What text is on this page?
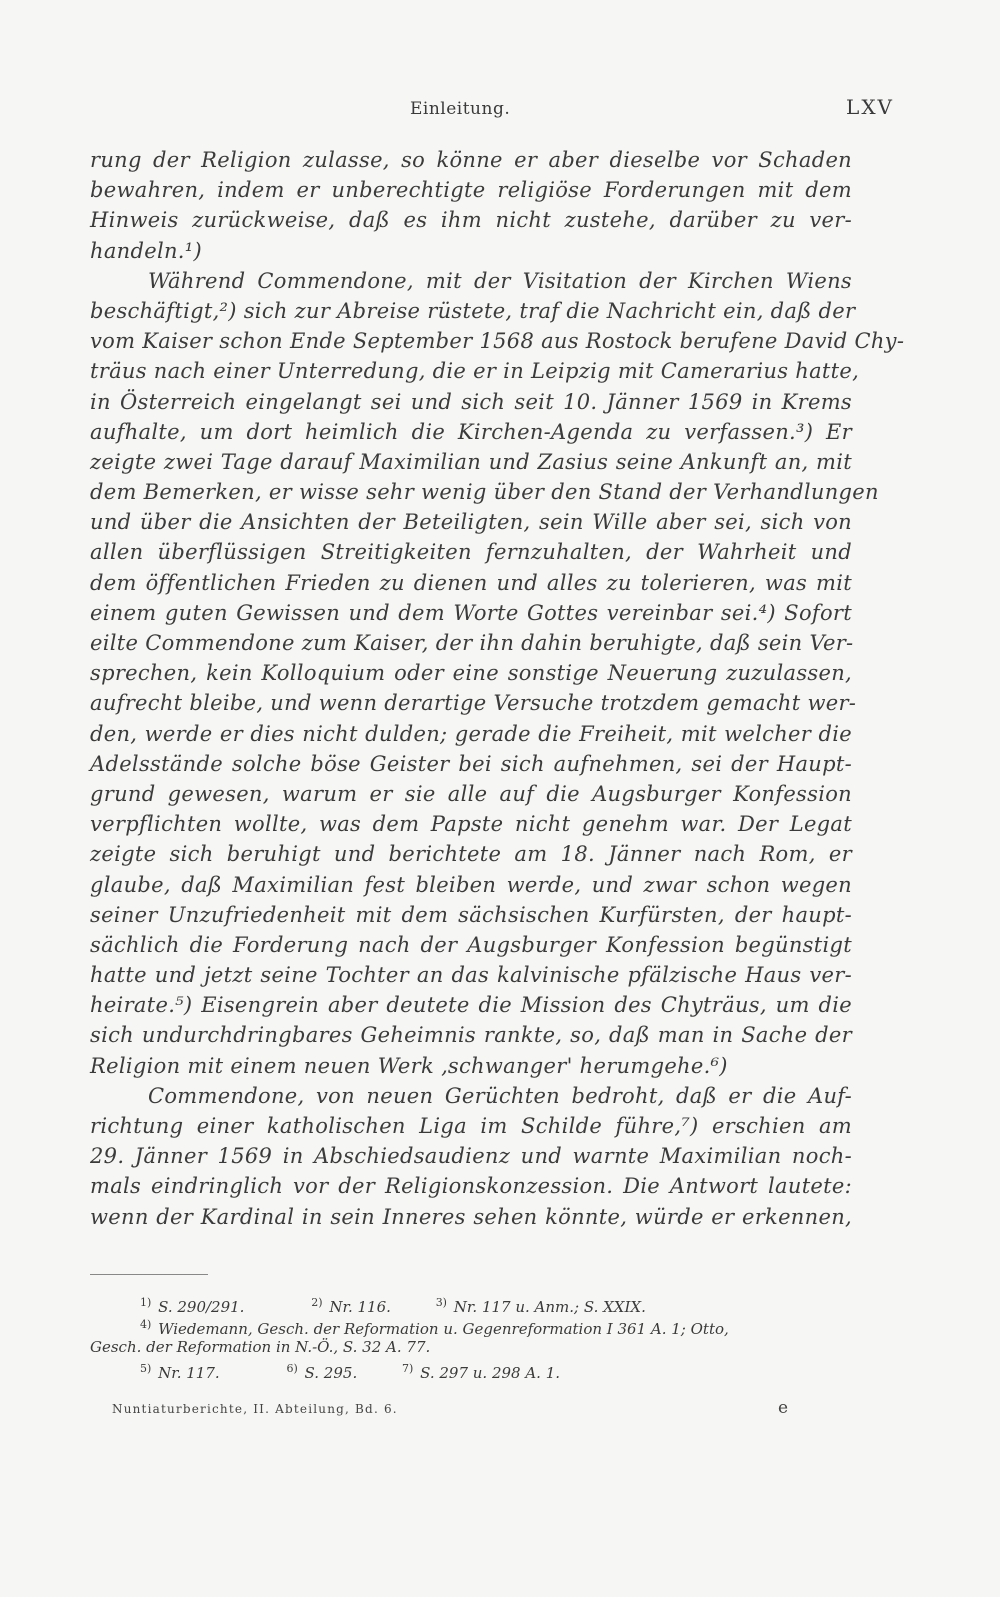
Einleitung.	LXV
rung der Religion zulasse, so könne er aber dieselbe vor Schaden
bewahren, indem er unberechtigte religiöse Forderungen mit dem
Hinweis zurückweise, daß es ihm nicht zustehe, darüber zu ver-
handeln.¹)
Während Commendone, mit der Visitation der Kirchen Wiens
beschäftigt,²) sich zur Abreise rüstete, traf die Nachricht ein, daß der
vom Kaiser schon Ende September 1568 aus Rostock berufene David Chy-
träus nach einer Unterredung, die er in Leipzig mit Camerarius hatte,
in Österreich eingelangt sei und sich seit 10. Jänner 1569 in Krems
aufhalte, um dort heimlich die Kirchen-Agenda zu verfassen.³) Er
zeigte zwei Tage darauf Maximilian und Zasius seine Ankunft an, mit
dem Bemerken, er wisse sehr wenig über den Stand der Verhandlungen
und über die Ansichten der Beteiligten, sein Wille aber sei, sich von
allen überflüssigen Streitigkeiten fernzuhalten, der Wahrheit und
dem öffentlichen Frieden zu dienen und alles zu tolerieren, was mit
einem guten Gewissen und dem Worte Gottes vereinbar sei.⁴) Sofort
eilte Commendone zum Kaiser, der ihn dahin beruhigte, daß sein Ver-
sprechen, kein Kolloquium oder eine sonstige Neuerung zuzulassen,
aufrecht bleibe, und wenn derartige Versuche trotzdem gemacht wer-
den, werde er dies nicht dulden; gerade die Freiheit, mit welcher die
Adelsstände solche böse Geister bei sich aufnehmen, sei der Haupt-
grund gewesen, warum er sie alle auf die Augsburger Konfession
verpflichten wollte, was dem Papste nicht genehm war. Der Legat
zeigte sich beruhigt und berichtete am 18. Jänner nach Rom, er
glaube, daß Maximilian fest bleiben werde, und zwar schon wegen
seiner Unzufriedenheit mit dem sächsischen Kurfürsten, der haupt-
sächlich die Forderung nach der Augsburger Konfession begünstigt
hatte und jetzt seine Tochter an das kalvinische pfälzische Haus ver-
heirate.⁵) Eisengrein aber deutete die Mission des Chyträus, um die
sich undurchdringbares Geheimnis rankte, so, daß man in Sache der
Religion mit einem neuen Werk ‚schwanger' herumgehe.⁶)
Commendone, von neuen Gerüchten bedroht, daß er die Auf-
richtung einer katholischen Liga im Schilde führe,⁷) erschien am
29. Jänner 1569 in Abschiedsaudienz und warnte Maximilian noch-
mals eindringlich vor der Religionskonzession. Die Antwort lautete:
wenn der Kardinal in sein Inneres sehen könnte, würde er erkennen,
$^{1)}$ S. 290/291.	$^{2)}$ Nr. 116.	$^{3)}$ Nr. 117 u. Anm.; S. XXIX.
$^{4)}$ Wiedemann, Gesch. der Reformation u. Gegenreformation I 361 A. 1; Otto,
Gesch. der Reformation in N.-Ö., S. 32 A. 77.
$^{5)}$ Nr. 117.	$^{6)}$ S. 295.	$^{7)}$ S. 297 u. 298 A. 1.
Nuntiaturberichte, II. Abteilung, Bd. 6.	e
